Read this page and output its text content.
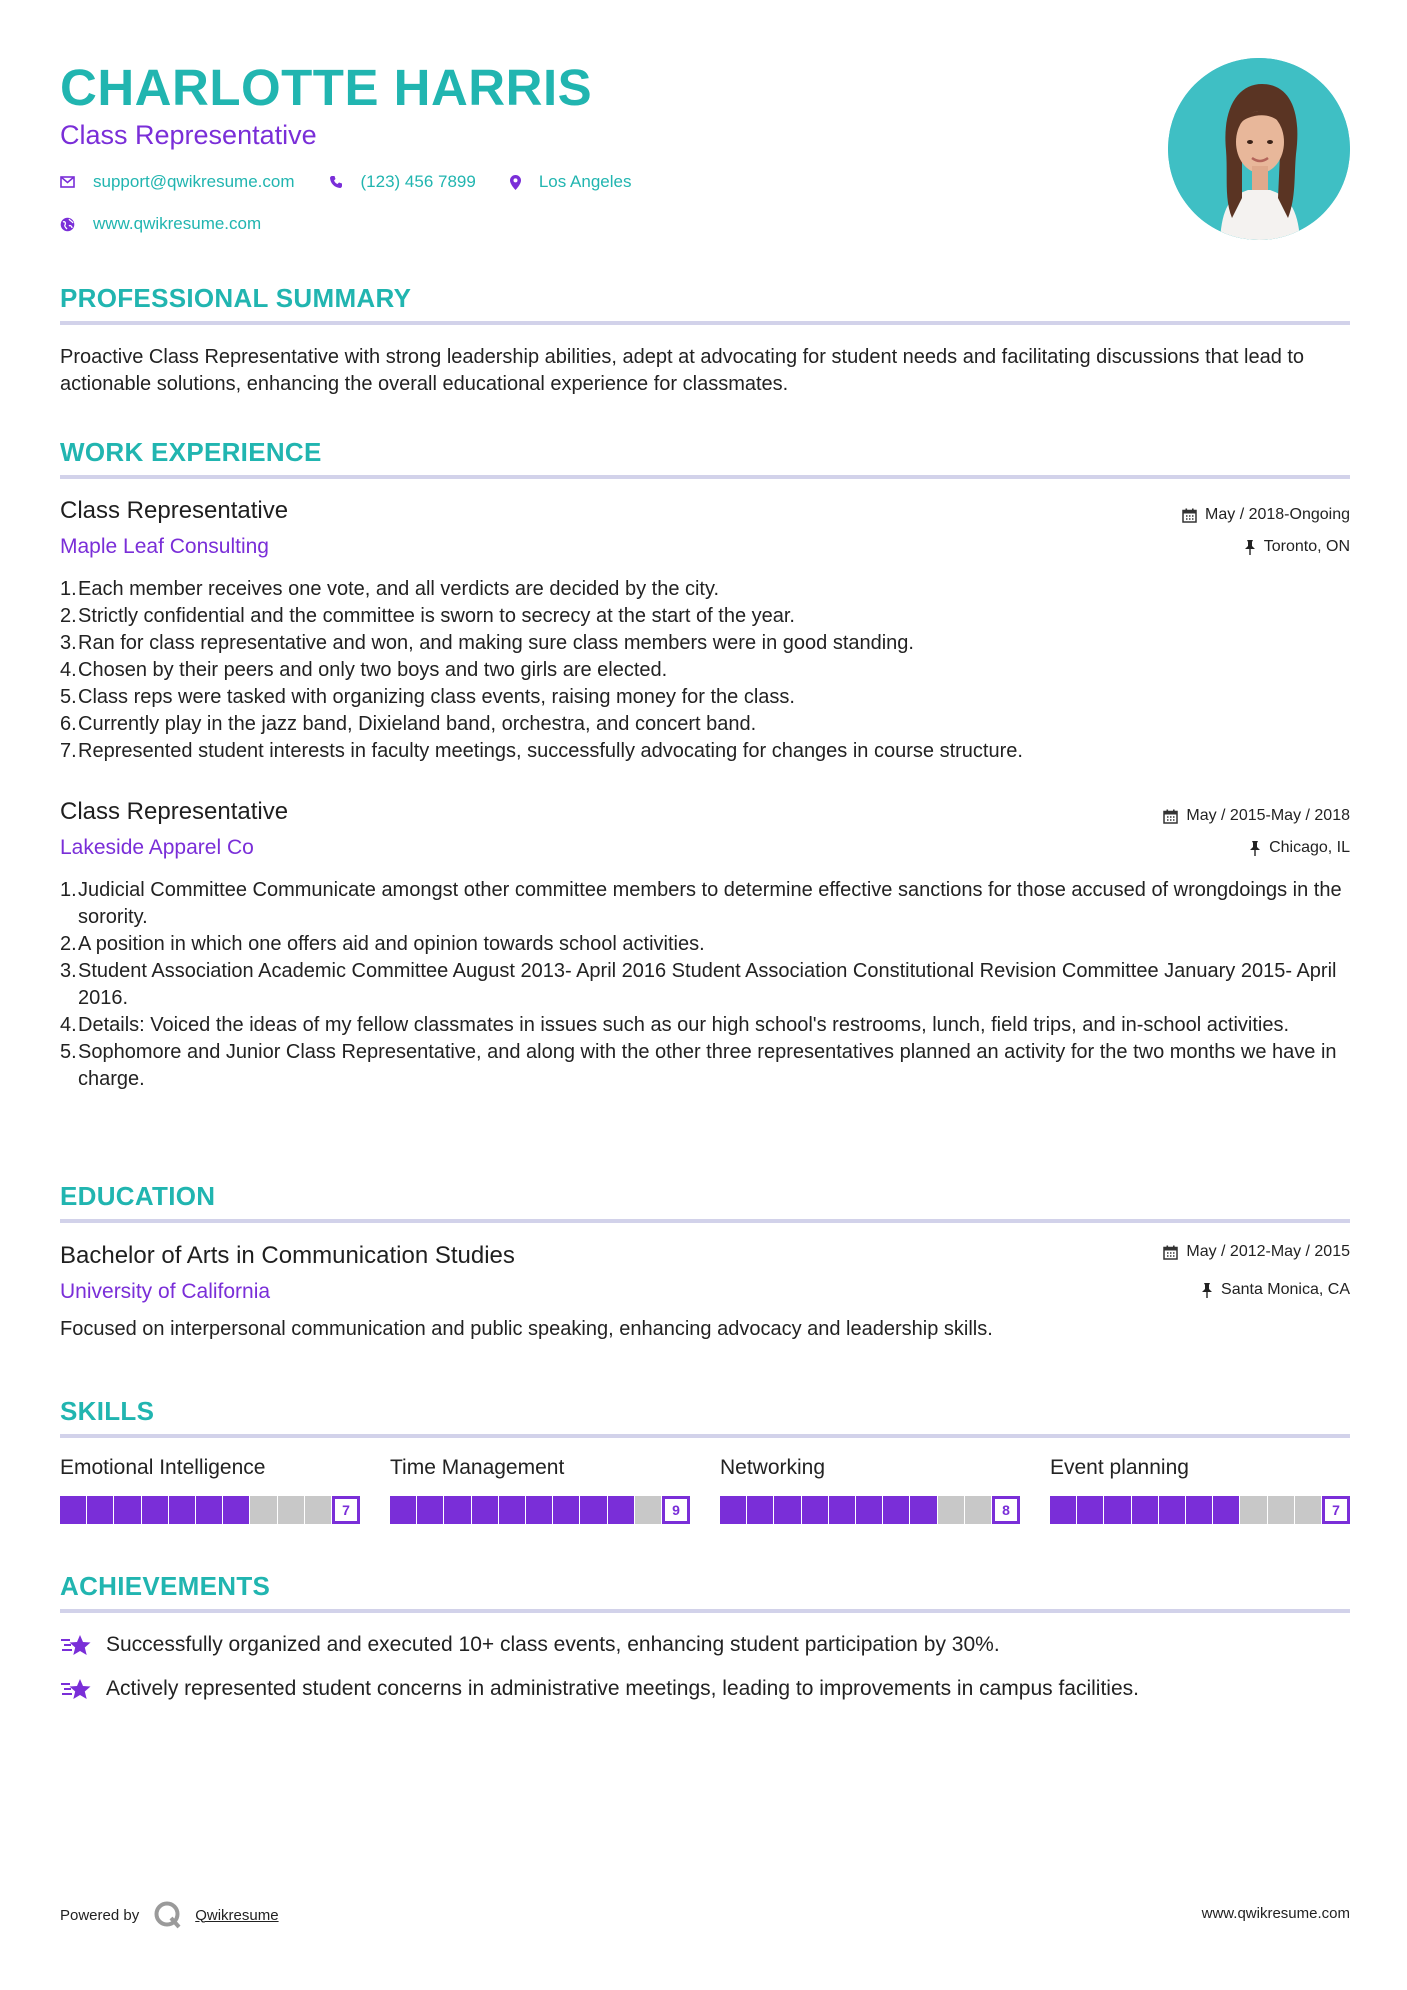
CHARLOTTE HARRIS
Class Representative
support@qwikresume.com	(123) 456 7899	Los Angeles
www.qwikresume.com
PROFESSIONAL SUMMARY
Proactive Class Representative with strong leadership abilities, adept at advocating for student needs and facilitating discussions that lead to actionable solutions, enhancing the overall educational experience for classmates.
WORK EXPERIENCE
Class Representative
Maple Leaf Consulting
May / 2018-Ongoing
Toronto, ON
1. Each member receives one vote, and all verdicts are decided by the city.
2. Strictly confidential and the committee is sworn to secrecy at the start of the year.
3. Ran for class representative and won, and making sure class members were in good standing.
4. Chosen by their peers and only two boys and two girls are elected.
5. Class reps were tasked with organizing class events, raising money for the class.
6. Currently play in the jazz band, Dixieland band, orchestra, and concert band.
7. Represented student interests in faculty meetings, successfully advocating for changes in course structure.
Class Representative
Lakeside Apparel Co
May / 2015-May / 2018
Chicago, IL
1. Judicial Committee Communicate amongst other committee members to determine effective sanctions for those accused of wrongdoings in the sorority.
2. A position in which one offers aid and opinion towards school activities.
3. Student Association Academic Committee August 2013- April 2016 Student Association Constitutional Revision Committee January 2015- April 2016.
4. Details: Voiced the ideas of my fellow classmates in issues such as our high school's restrooms, lunch, field trips, and in-school activities.
5. Sophomore and Junior Class Representative, and along with the other three representatives planned an activity for the two months we have in charge.
EDUCATION
Bachelor of Arts in Communication Studies
University of California
May / 2012-May / 2015
Santa Monica, CA
Focused on interpersonal communication and public speaking, enhancing advocacy and leadership skills.
SKILLS
Emotional Intelligence
7
Time Management
9
Networking
8
Event planning
7
ACHIEVEMENTS
Successfully organized and executed 10+ class events, enhancing student participation by 30%.
Actively represented student concerns in administrative meetings, leading to improvements in campus facilities.
Powered by	Qwikresume	www.qwikresume.com
